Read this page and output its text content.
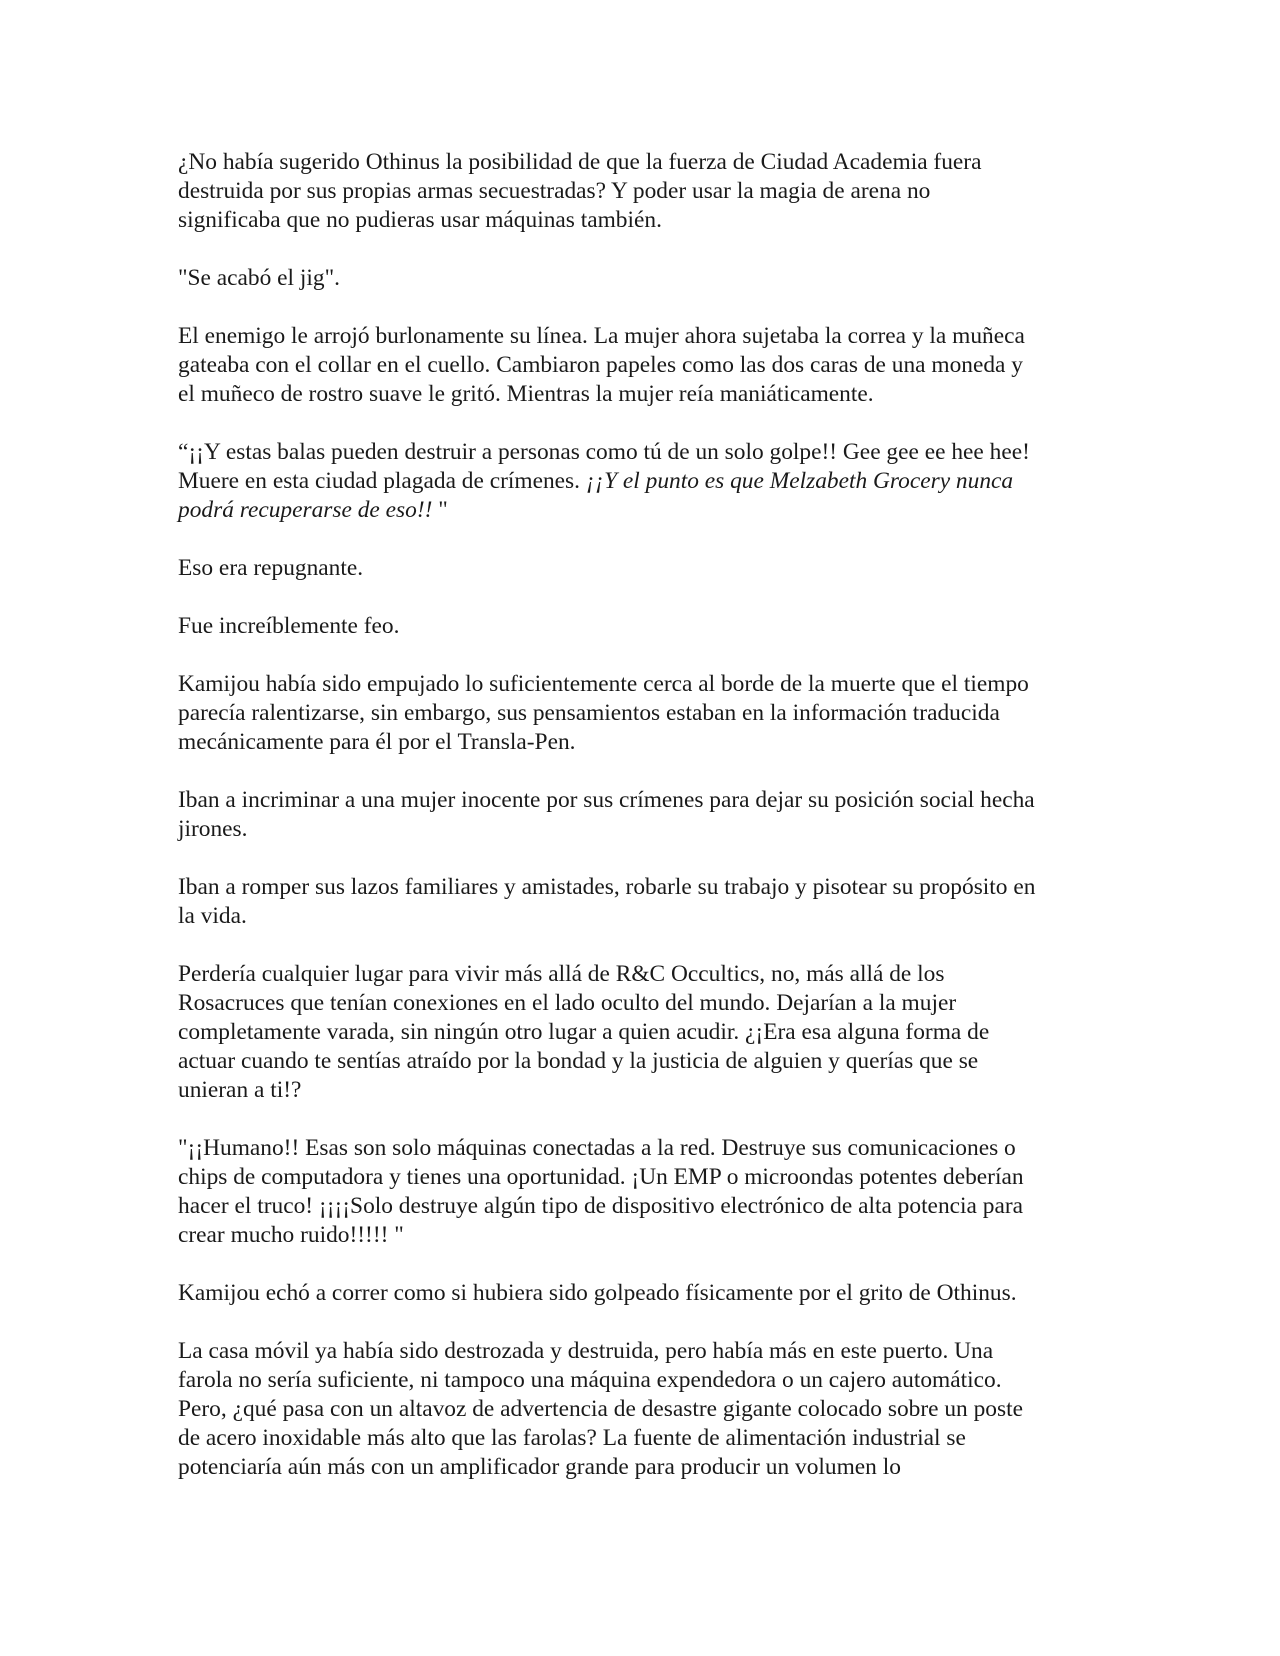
¿No había sugerido Othinus la posibilidad de que la fuerza de Ciudad Academia fuera
destruida por sus propias armas secuestradas? Y poder usar la magia de arena no
significaba que no pudieras usar máquinas también.

"Se acabó el jig".

El enemigo le arrojó burlonamente su línea. La mujer ahora sujetaba la correa y la muñeca
gateaba con el collar en el cuello. Cambiaron papeles como las dos caras de una moneda y
el muñeco de rostro suave le gritó. Mientras la mujer reía maniáticamente.

“¡¡Y estas balas pueden destruir a personas como tú de un solo golpe!! Gee gee ee hee hee!
Muere en esta ciudad plagada de crímenes. ¡¡Y el punto es que Melzabeth Grocery nunca
podrá recuperarse de eso!! "

Eso era repugnante.

Fue increíblemente feo.

Kamijou había sido empujado lo suficientemente cerca al borde de la muerte que el tiempo
parecía ralentizarse, sin embargo, sus pensamientos estaban en la información traducida
mecánicamente para él por el Transla-Pen.

Iban a incriminar a una mujer inocente por sus crímenes para dejar su posición social hecha
jirones.

Iban a romper sus lazos familiares y amistades, robarle su trabajo y pisotear su propósito en
la vida.

Perdería cualquier lugar para vivir más allá de R&C Occultics, no, más allá de los
Rosacruces que tenían conexiones en el lado oculto del mundo. Dejarían a la mujer
completamente varada, sin ningún otro lugar a quien acudir. ¿¡Era esa alguna forma de
actuar cuando te sentías atraído por la bondad y la justicia de alguien y querías que se
unieran a ti!?

"¡¡Humano!! Esas son solo máquinas conectadas a la red. Destruye sus comunicaciones o
chips de computadora y tienes una oportunidad. ¡Un EMP o microondas potentes deberían
hacer el truco! ¡¡¡¡Solo destruye algún tipo de dispositivo electrónico de alta potencia para
crear mucho ruido!!!!! "

Kamijou echó a correr como si hubiera sido golpeado físicamente por el grito de Othinus.

La casa móvil ya había sido destrozada y destruida, pero había más en este puerto. Una
farola no sería suficiente, ni tampoco una máquina expendedora o un cajero automático.
Pero, ¿qué pasa con un altavoz de advertencia de desastre gigante colocado sobre un poste
de acero inoxidable más alto que las farolas? La fuente de alimentación industrial se
potenciaría aún más con un amplificador grande para producir un volumen lo
